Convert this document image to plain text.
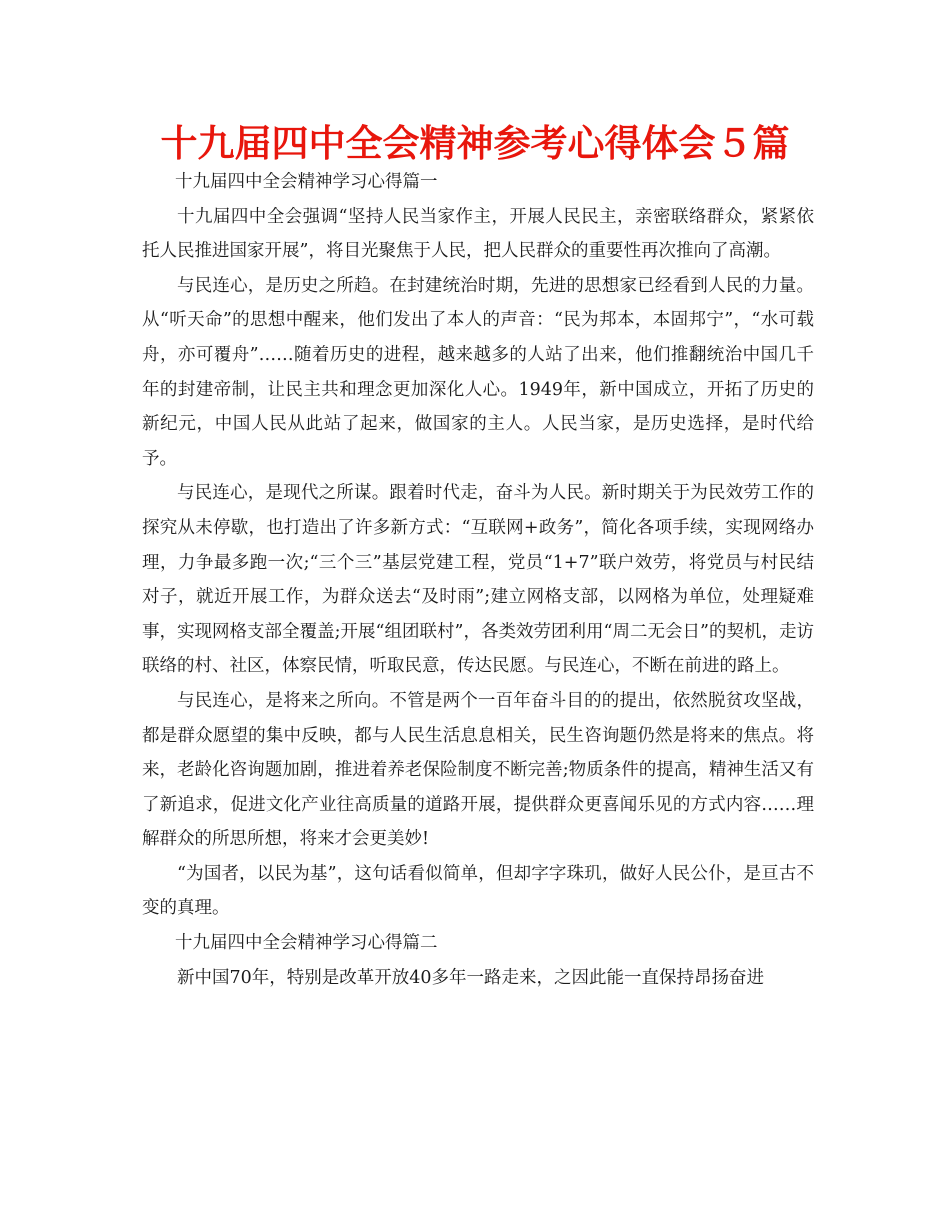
十九届四中全会精神参考心得体会５篇

十九届四中全会精神学习心得篇一

十九届四中全会强调“坚持人民当家作主，开展人民民主，亲密联络群众，紧紧依托人民推进国家开展”，将目光聚焦于人民，把人民群众的重要性再次推向了高潮。

与民连心，是历史之所趋。在封建统治时期，先进的思想家已经看到人民的力量。从“听天命”的思想中醒来，他们发出了本人的声音：“民为邦本，本固邦宁”，“水可载舟，亦可覆舟”……随着历史的进程，越来越多的人站了出来，他们推翻统治中国几千年的封建帝制，让民主共和理念更加深化人心。1949年，新中国成立，开拓了历史的新纪元，中国人民从此站了起来，做国家的主人。人民当家，是历史选择，是时代给予。

与民连心，是现代之所谋。跟着时代走，奋斗为人民。新时期关于为民效劳工作的探究从未停歇，也打造出了许多新方式：“互联网+政务”，简化各项手续，实现网络办理，力争最多跑一次;“三个三”基层党建工程，党员“1+7”联户效劳，将党员与村民结对子，就近开展工作，为群众送去“及时雨”;建立网格支部，以网格为单位，处理疑难事，实现网格支部全覆盖;开展“组团联村”，各类效劳团利用“周二无会日”的契机，走访联络的村、社区，体察民情，听取民意，传达民愿。与民连心，不断在前进的路上。

与民连心，是将来之所向。不管是两个一百年奋斗目的的提出，依然脱贫攻坚战，都是群众愿望的集中反映，都与人民生活息息相关，民生咨询题仍然是将来的焦点。将来，老龄化咨询题加剧，推进着养老保险制度不断完善;物质条件的提高，精神生活又有了新追求，促进文化产业往高质量的道路开展，提供群众更喜闻乐见的方式内容……理解群众的所思所想，将来才会更美妙!

“为国者，以民为基”，这句话看似简单，但却字字珠玑，做好人民公仆，是亘古不变的真理。

十九届四中全会精神学习心得篇二

新中国70年，特别是改革开放40多年一路走来，之因此能一直保持昂扬奋进
